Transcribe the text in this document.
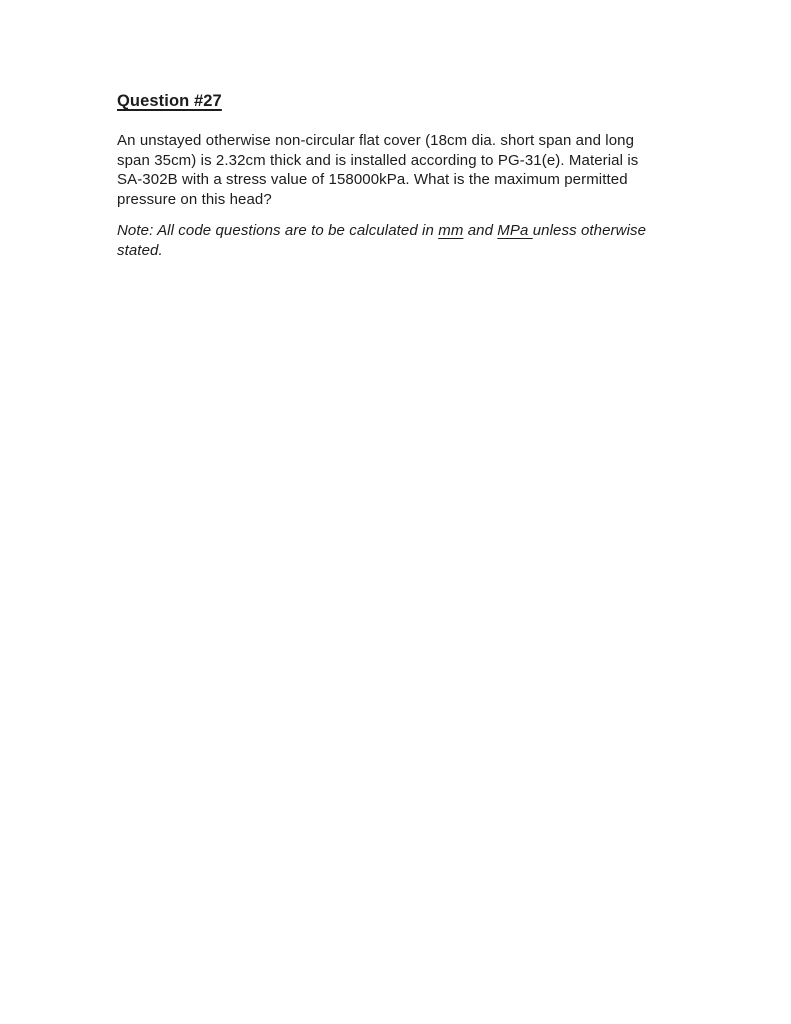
Question #27
An unstayed otherwise non-circular flat cover (18cm dia. short span and long
span 35cm) is 2.32cm thick and is installed according to PG-31(e). Material is
SA-302B with a stress value of 158000kPa. What is the maximum permitted
pressure on this head?
Note: All code questions are to be calculated in mm and MPa unless otherwise
stated.
